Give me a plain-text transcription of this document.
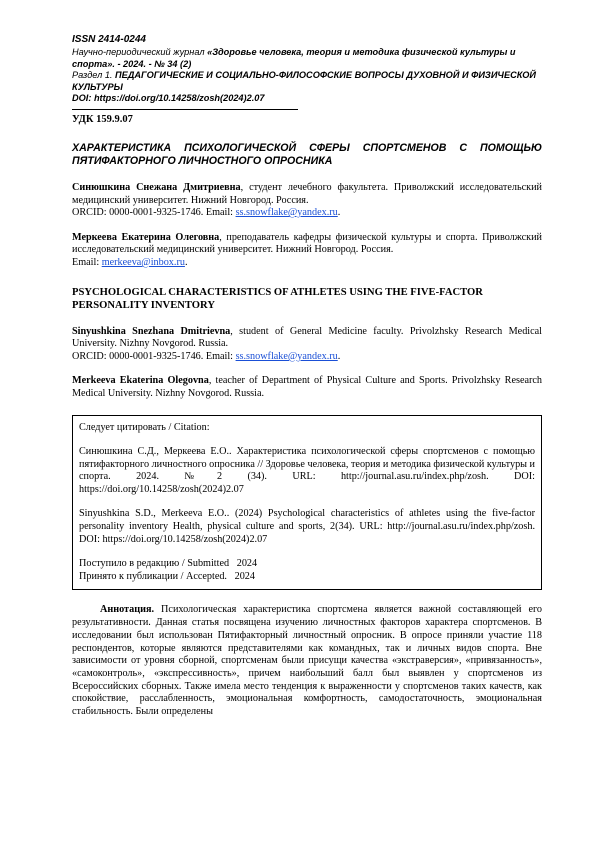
ISSN 2414-0244
Научно-периодический журнал «Здоровье человека, теория и методика физической культуры и спорта». - 2024. - № 34 (2)
Раздел 1. ПЕДАГОГИЧЕСКИЕ И СОЦИАЛЬНО-ФИЛОСОФСКИЕ ВОПРОСЫ ДУХОВНОЙ И ФИЗИЧЕСКОЙ КУЛЬТУРЫ
DOI: https://doi.org/10.14258/zosh(2024)2.07
УДК 159.9.07
ХАРАКТЕРИСТИКА ПСИХОЛОГИЧЕСКОЙ СФЕРЫ СПОРТСМЕНОВ С ПОМОЩЬЮ ПЯТИФАКТОРНОГО ЛИЧНОСТНОГО ОПРОСНИКА
Синюшкина Снежана Дмитриевна, студент лечебного факультета. Приволжский исследовательский медицинский университет. Нижний Новгород. Россия.
ORCID: 0000-0001-9325-1746. Email: ss.snowflake@yandex.ru.
Меркеева Екатерина Олеговна, преподаватель кафедры физической культуры и спорта. Приволжский исследовательский медицинский университет. Нижний Новгород. Россия.
Email: merkeeva@inbox.ru.
PSYCHOLOGICAL CHARACTERISTICS OF ATHLETES USING THE FIVE-FACTOR PERSONALITY INVENTORY
Sinyushkina Snezhana Dmitrievna, student of General Medicine faculty. Privolzhsky Research Medical University. Nizhny Novgorod. Russia.
ORCID: 0000-0001-9325-1746. Email: ss.snowflake@yandex.ru.
Merkeeva Ekaterina Olegovna, teacher of Department of Physical Culture and Sports. Privolzhsky Research Medical University. Nizhny Novgorod. Russia.
Следует цитировать / Citation:
Синюшкина С.Д., Меркеева Е.О.. Характеристика психологической сферы спортсменов с помощью пятифакторного личностного опросника // Здоровье человека, теория и методика физической культуры и спорта. 2024. №2 (34). URL: http://journal.asu.ru/index.php/zosh. DOI: https://doi.org/10.14258/zosh(2024)2.07
Sinyushkina S.D., Merkeeva E.O.. (2024) Psychological characteristics of athletes using the five-factor personality inventory Health, physical culture and sports, 2(34). URL: http://journal.asu.ru/index.php/zosh. DOI: https://doi.org/10.14258/zosh(2024)2.07
Поступило в редакцию / Submitted   2024
Принято к публикации / Accepted.   2024
Аннотация. Психологическая характеристика спортсмена является важной составляющей его результативности. Данная статья посвящена изучению личностных факторов характера спортсменов. В исследовании был использован Пятифакторный личностный опросник. В опросе приняли участие 118 респондентов, которые являются представителями как командных, так и личных видов спорта. Вне зависимости от уровня сборной, спортсменам были присущи качества «экстраверсия», «привязанность», «самоконтроль», «экспрессивность», причем наибольший балл был выявлен у спортсменов из Всероссийских сборных. Также имела место тенденция к выраженности у спортсменов таких качеств, как спокойствие, расслабленность, эмоциональная комфортность, самодостаточность, эмоциональная стабильность. Были определены
